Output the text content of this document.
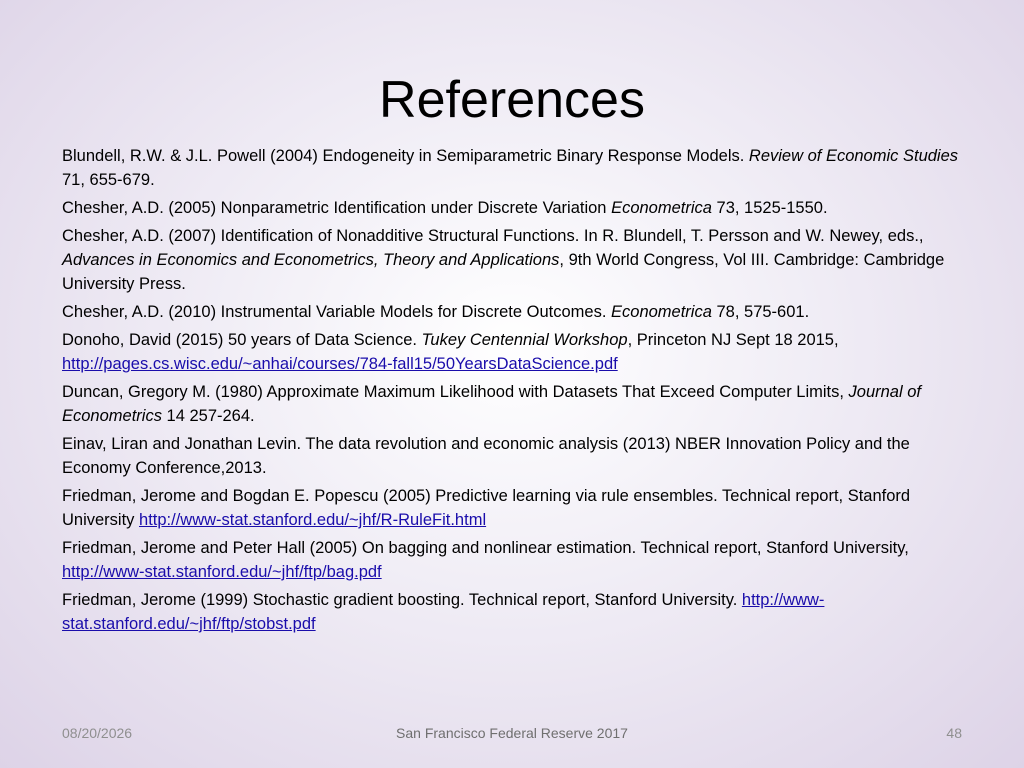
References

Blundell, R.W. & J.L. Powell (2004) Endogeneity in Semiparametric Binary Response Models. Review of Economic Studies 71, 655-679.

Chesher, A.D. (2005) Nonparametric Identification under Discrete Variation Econometrica 73, 1525-1550.

Chesher, A.D. (2007) Identification of Nonadditive Structural Functions. In R. Blundell, T. Persson and W. Newey, eds., Advances in Economics and Econometrics, Theory and Applications, 9th World Congress, Vol III. Cambridge: Cambridge University Press.

Chesher, A.D. (2010) Instrumental Variable Models for Discrete Outcomes. Econometrica 78, 575-601.

Donoho, David (2015) 50 years of Data Science. Tukey Centennial Workshop, Princeton NJ Sept 18 2015, http://pages.cs.wisc.edu/~anhai/courses/784-fall15/50YearsDataScience.pdf

Duncan, Gregory M. (1980) Approximate Maximum Likelihood with Datasets That Exceed Computer Limits, Journal of Econometrics 14 257-264.

Einav, Liran and Jonathan Levin. The data revolution and economic analysis (2013) NBER Innovation Policy and the Economy Conference,2013.

Friedman, Jerome and Bogdan E. Popescu (2005) Predictive learning via rule ensembles. Technical report, Stanford University http://www-stat.stanford.edu/~jhf/R-RuleFit.html

Friedman, Jerome and Peter Hall (2005) On bagging and nonlinear estimation. Technical report, Stanford University, http://www-stat.stanford.edu/~jhf/ftp/bag.pdf

Friedman, Jerome (1999) Stochastic gradient boosting. Technical report, Stanford University. http://www-stat.stanford.edu/~jhf/ftp/stobst.pdf

08/20/2026	San Francisco Federal Reserve 2017	48
